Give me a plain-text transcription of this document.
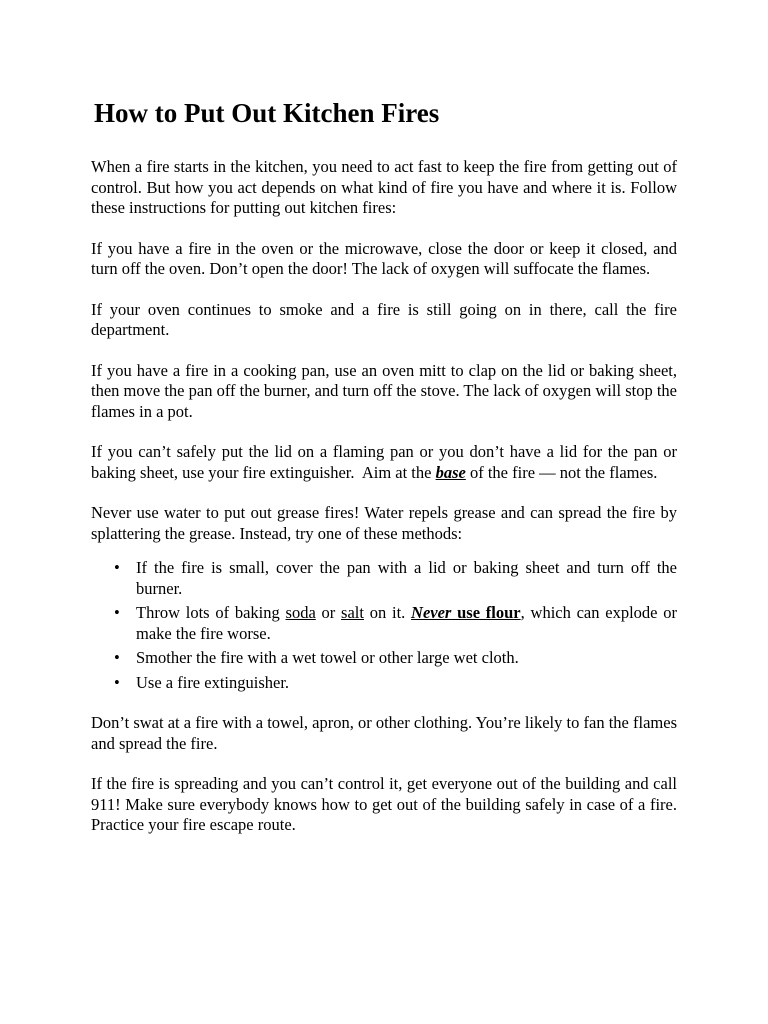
How to Put Out Kitchen Fires

When a fire starts in the kitchen, you need to act fast to keep the fire from getting out of control. But how you act depends on what kind of fire you have and where it is. Follow these instructions for putting out kitchen fires:

If you have a fire in the oven or the microwave, close the door or keep it closed, and turn off the oven. Don’t open the door! The lack of oxygen will suffocate the flames.

If your oven continues to smoke and a fire is still going on in there, call the fire department.

If you have a fire in a cooking pan, use an oven mitt to clap on the lid or baking sheet, then move the pan off the burner, and turn off the stove. The lack of oxygen will stop the flames in a pot.

If you can’t safely put the lid on a flaming pan or you don’t have a lid for the pan or baking sheet, use your fire extinguisher.  Aim at the base of the fire — not the flames.

Never use water to put out grease fires! Water repels grease and can spread the fire by splattering the grease. Instead, try one of these methods:

• If the fire is small, cover the pan with a lid or baking sheet and turn off the burner.
• Throw lots of baking soda or salt on it. Never use flour, which can explode or make the fire worse.
• Smother the fire with a wet towel or other large wet cloth.
• Use a fire extinguisher.

Don’t swat at a fire with a towel, apron, or other clothing. You’re likely to fan the flames and spread the fire.

If the fire is spreading and you can’t control it, get everyone out of the building and call 911! Make sure everybody knows how to get out of the building safely in case of a fire. Practice your fire escape route.
